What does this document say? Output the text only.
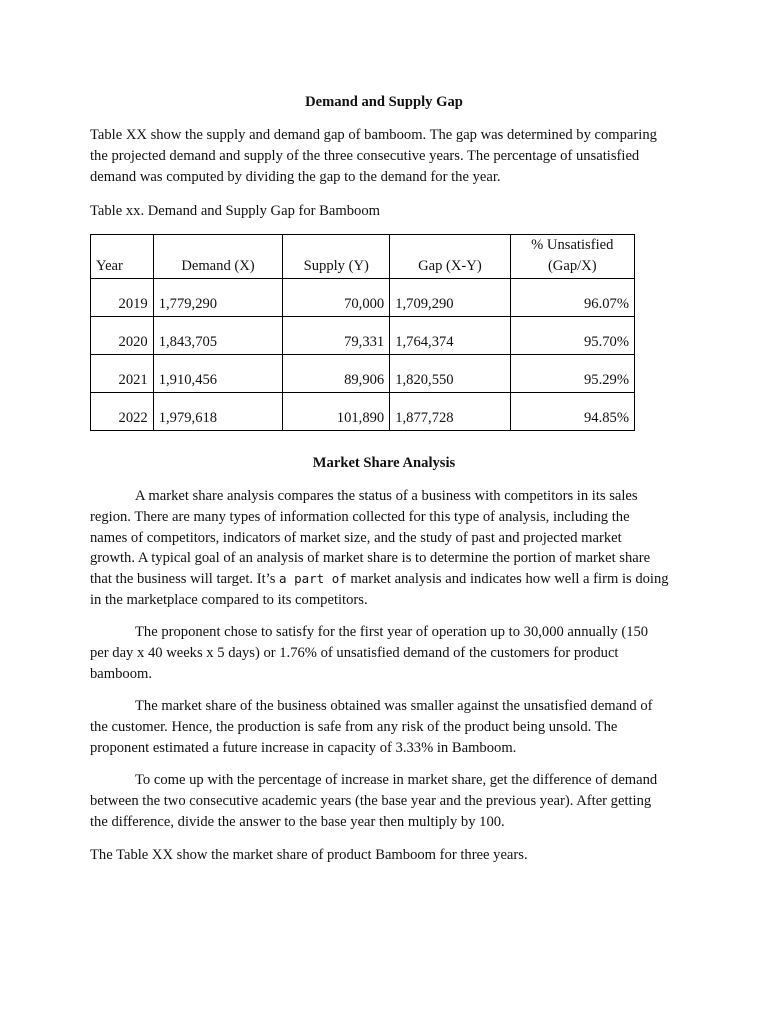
Demand and Supply Gap

Table XX show the supply and demand gap of bamboom. The gap was determined by comparing the projected demand and supply of the three consecutive years. The percentage of unsatisfied demand was computed by dividing the gap to the demand for the year.

Table xx. Demand and Supply Gap for Bamboom

Year	Demand (X)	Supply (Y)	Gap (X-Y)	% Unsatisfied
(Gap/X)

2019	1,779,290	70,000	1,709,290	96.07%
2020	1,843,705	79,331	1,764,374	95.70%
2021	1,910,456	89,906	1,820,550	95.29%
2022	1,979,618	101,890	1,877,728	94.85%
Market Share Analysis

A market share analysis compares the status of a business with competitors in its sales region. There are many types of information collected for this type of analysis, including the names of competitors, indicators of market size, and the study of past and projected market growth. A typical goal of an analysis of market share is to determine the portion of market share that the business will target. It’s a part of market analysis and indicates how well a firm is doing in the marketplace compared to its competitors.

The proponent chose to satisfy for the first year of operation up to 30,000 annually (150 per day x 40 weeks x 5 days) or 1.76% of unsatisfied demand of the customers for product bamboom.

The market share of the business obtained was smaller against the unsatisfied demand of the customer. Hence, the production is safe from any risk of the product being unsold. The proponent estimated a future increase in capacity of 3.33% in Bamboom.

To come up with the percentage of increase in market share, get the difference of demand between the two consecutive academic years (the base year and the previous year). After getting the difference, divide the answer to the base year then multiply by 100.

The Table XX show the market share of product Bamboom for three years.
